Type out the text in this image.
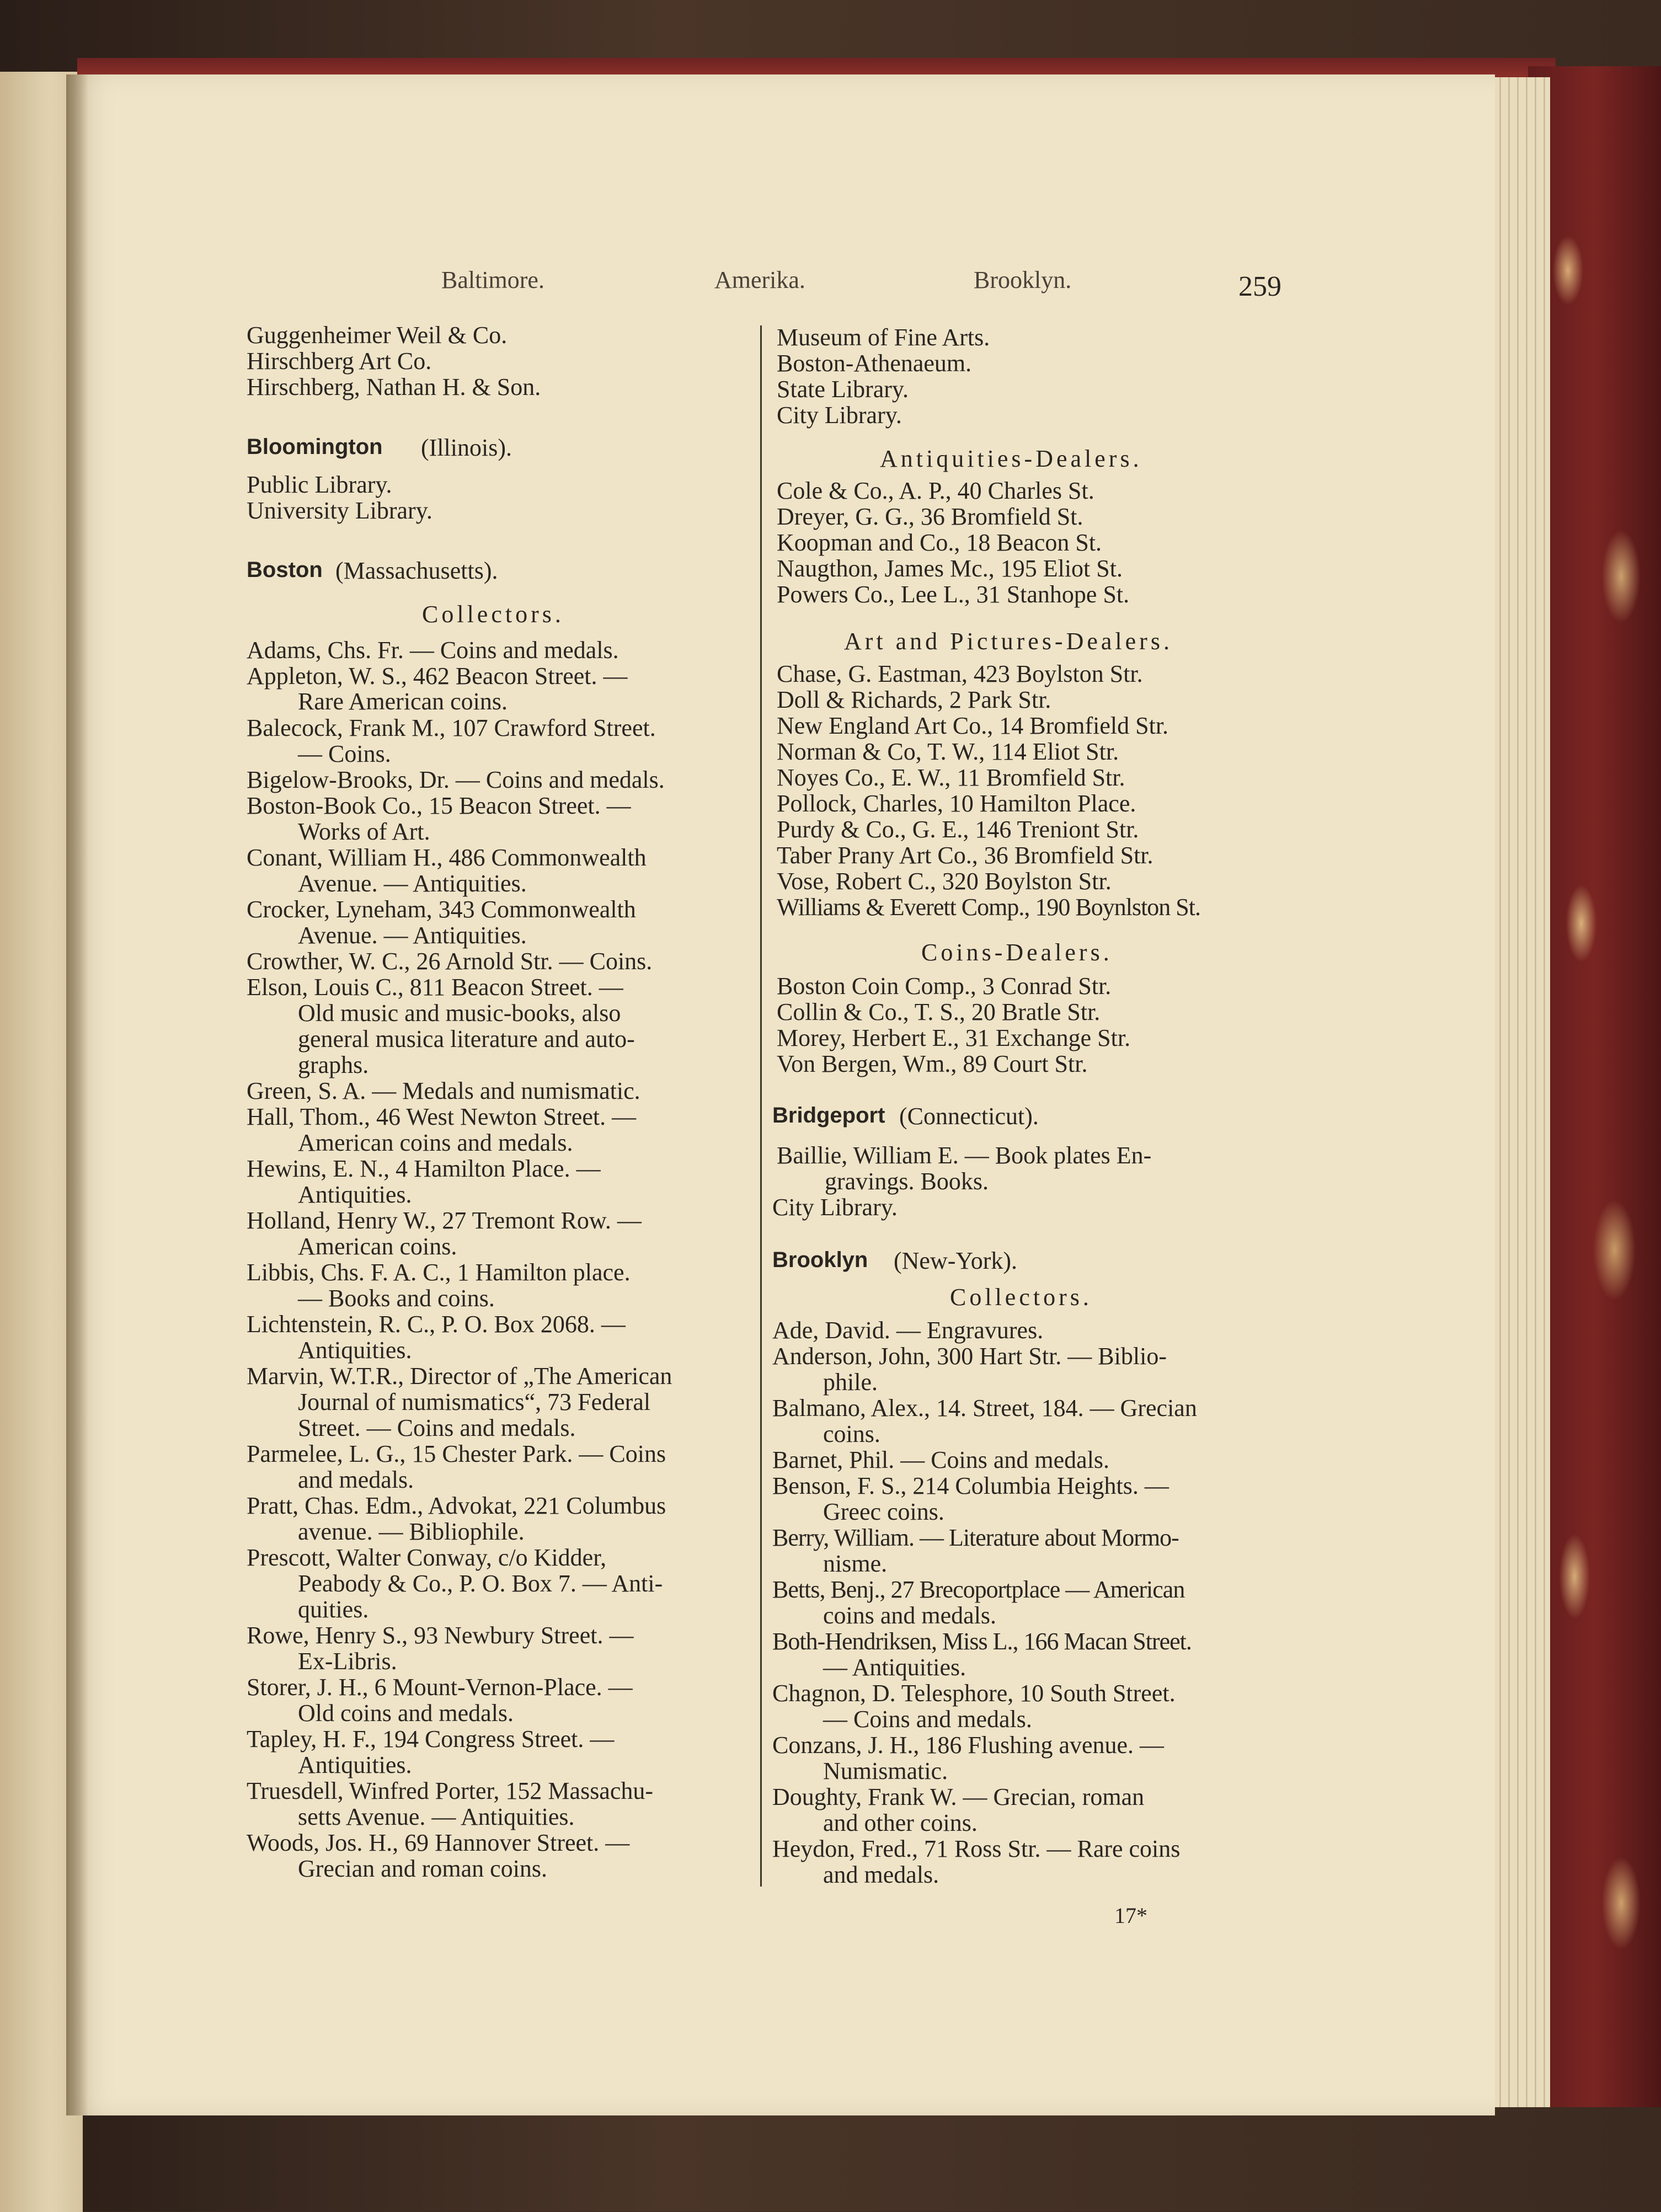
Baltimore.	Amerika.	Brooklyn.	259
Guggenheimer Weil & Co.
Hirschberg Art Co.
Hirschberg, Nathan H. & Son.
Bloomington (Illinois).
Public Library.
University Library.
Boston (Massachusetts).
Collectors.
Adams, Chs. Fr. — Coins and medals.
Appleton, W. S., 462 Beacon Street. —
Rare American coins.
Balecock, Frank M., 107 Crawford Street.
— Coins.
Bigelow-Brooks, Dr. — Coins and medals.
Boston-Book Co., 15 Beacon Street. —
Works of Art.
Conant, William H., 486 Commonwealth
Avenue. — Antiquities.
Crocker, Lyneham, 343 Commonwealth
Avenue. — Antiquities.
Crowther, W. C., 26 Arnold Str. — Coins.
Elson, Louis C., 811 Beacon Street. —
Old music and music-books, also
general musica literature and auto-
graphs.
Green, S. A. — Medals and numismatic.
Hall, Thom., 46 West Newton Street. —
American coins and medals.
Hewins, E. N., 4 Hamilton Place. —
Antiquities.
Holland, Henry W., 27 Tremont Row. —
American coins.
Libbis, Chs. F. A. C., 1 Hamilton place.
— Books and coins.
Lichtenstein, R. C., P. O. Box 2068. —
Antiquities.
Marvin, W.T.R., Director of „The American
Journal of numismatics“, 73 Federal
Street. — Coins and medals.
Parmelee, L. G., 15 Chester Park. — Coins
and medals.
Pratt, Chas. Edm., Advokat, 221 Columbus
avenue. — Bibliophile.
Prescott, Walter Conway, c/o Kidder,
Peabody & Co., P. O. Box 7. — Anti-
quities.
Rowe, Henry S., 93 Newbury Street. —
Ex-Libris.
Storer, J. H., 6 Mount-Vernon-Place. —
Old coins and medals.
Tapley, H. F., 194 Congress Street. —
Antiquities.
Truesdell, Winfred Porter, 152 Massachu-
setts Avenue. — Antiquities.
Woods, Jos. H., 69 Hannover Street. —
Grecian and roman coins.
Museum of Fine Arts.
Boston-Athenaeum.
State Library.
City Library.
Antiquities-Dealers.
Cole & Co., A. P., 40 Charles St.
Dreyer, G. G., 36 Bromfield St.
Koopman and Co., 18 Beacon St.
Naugthon, James Mc., 195 Eliot St.
Powers Co., Lee L., 31 Stanhope St.
Art and Pictures-Dealers.
Chase, G. Eastman, 423 Boylston Str.
Doll & Richards, 2 Park Str.
New England Art Co., 14 Bromfield Str.
Norman & Co, T. W., 114 Eliot Str.
Noyes Co., E. W., 11 Bromfield Str.
Pollock, Charles, 10 Hamilton Place.
Purdy & Co., G. E., 146 Treniont Str.
Taber Prany Art Co., 36 Bromfield Str.
Vose, Robert C., 320 Boylston Str.
Williams & Everett Comp., 190 Boynlston St.
Coins-Dealers.
Boston Coin Comp., 3 Conrad Str.
Collin & Co., T. S., 20 Bratle Str.
Morey, Herbert E., 31 Exchange Str.
Von Bergen, Wm., 89 Court Str.
Bridgeport (Connecticut).
Baillie, William E. — Book plates En-
gravings. Books.
City Library.
Brooklyn (New-York).
Collectors.
Ade, David. — Engravures.
Anderson, John, 300 Hart Str. — Biblio-
phile.
Balmano, Alex., 14. Street, 184. — Grecian
coins.
Barnet, Phil. — Coins and medals.
Benson, F. S., 214 Columbia Heights. —
Greec coins.
Berry, William. — Literature about Mormo-
nisme.
Betts, Benj., 27 Brecoportplace — American
coins and medals.
Both-Hendriksen, Miss L., 166 Macan Street.
— Antiquities.
Chagnon, D. Telesphore, 10 South Street.
— Coins and medals.
Conzans, J. H., 186 Flushing avenue. —
Numismatic.
Doughty, Frank W. — Grecian, roman
and other coins.
Heydon, Fred., 71 Ross Str. — Rare coins
and medals.
17*
